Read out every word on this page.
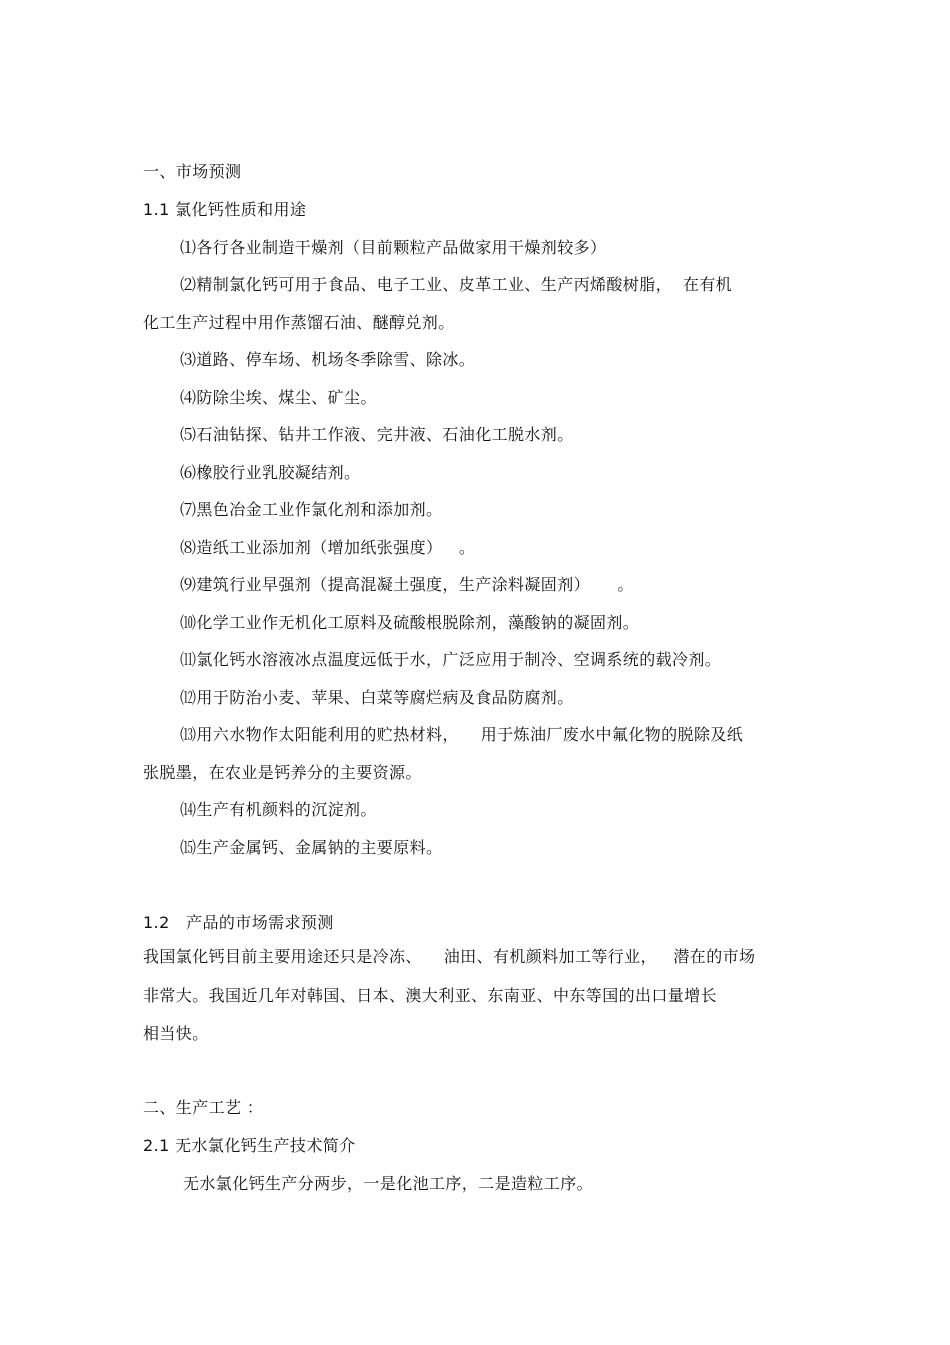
一、市场预测
1.1 氯化钙性质和用途
⑴各行各业制造干燥剂（目前颗粒产品做家用干燥剂较多）
⑵精制氯化钙可用于食品、电子工业、皮革工业、生产丙烯酸树脂，  在有机
化工生产过程中用作蒸馏石油、醚醇兑剂。
⑶道路、停车场、机场冬季除雪、除冰。
⑷防除尘埃、煤尘、矿尘。
⑸石油钻探、钻井工作液、完井液、石油化工脱水剂。
⑹橡胶行业乳胶凝结剂。
⑺黑色冶金工业作氯化剂和添加剂。
⑻造纸工业添加剂（增加纸张强度）   。
⑼建筑行业早强剂（提高混凝土强度，生产涂料凝固剂）     。
⑽化学工业作无机化工原料及硫酸根脱除剂，藻酸钠的凝固剂。
⑾氯化钙水溶液冰点温度远低于水，广泛应用于制冷、空调系统的载冷剂。
⑿用于防治小麦、苹果、白菜等腐烂病及食品防腐剂。
⒀用六水物作太阳能利用的贮热材料，    用于炼油厂废水中氟化物的脱除及纸
张脱墨，在农业是钙养分的主要资源。
⒁生产有机颜料的沉淀剂。
⒂生产金属钙、金属钠的主要原料。
1.2   产品的市场需求预测
我国氯化钙目前主要用途还只是冷冻、    油田、有机颜料加工等行业，   潜在的市场
非常大。我国近几年对韩国、日本、澳大利亚、东南亚、中东等国的出口量增长
相当快。
二、生产工艺 ：
2.1 无水氯化钙生产技术简介
无水氯化钙生产分两步，一是化池工序，二是造粒工序。
